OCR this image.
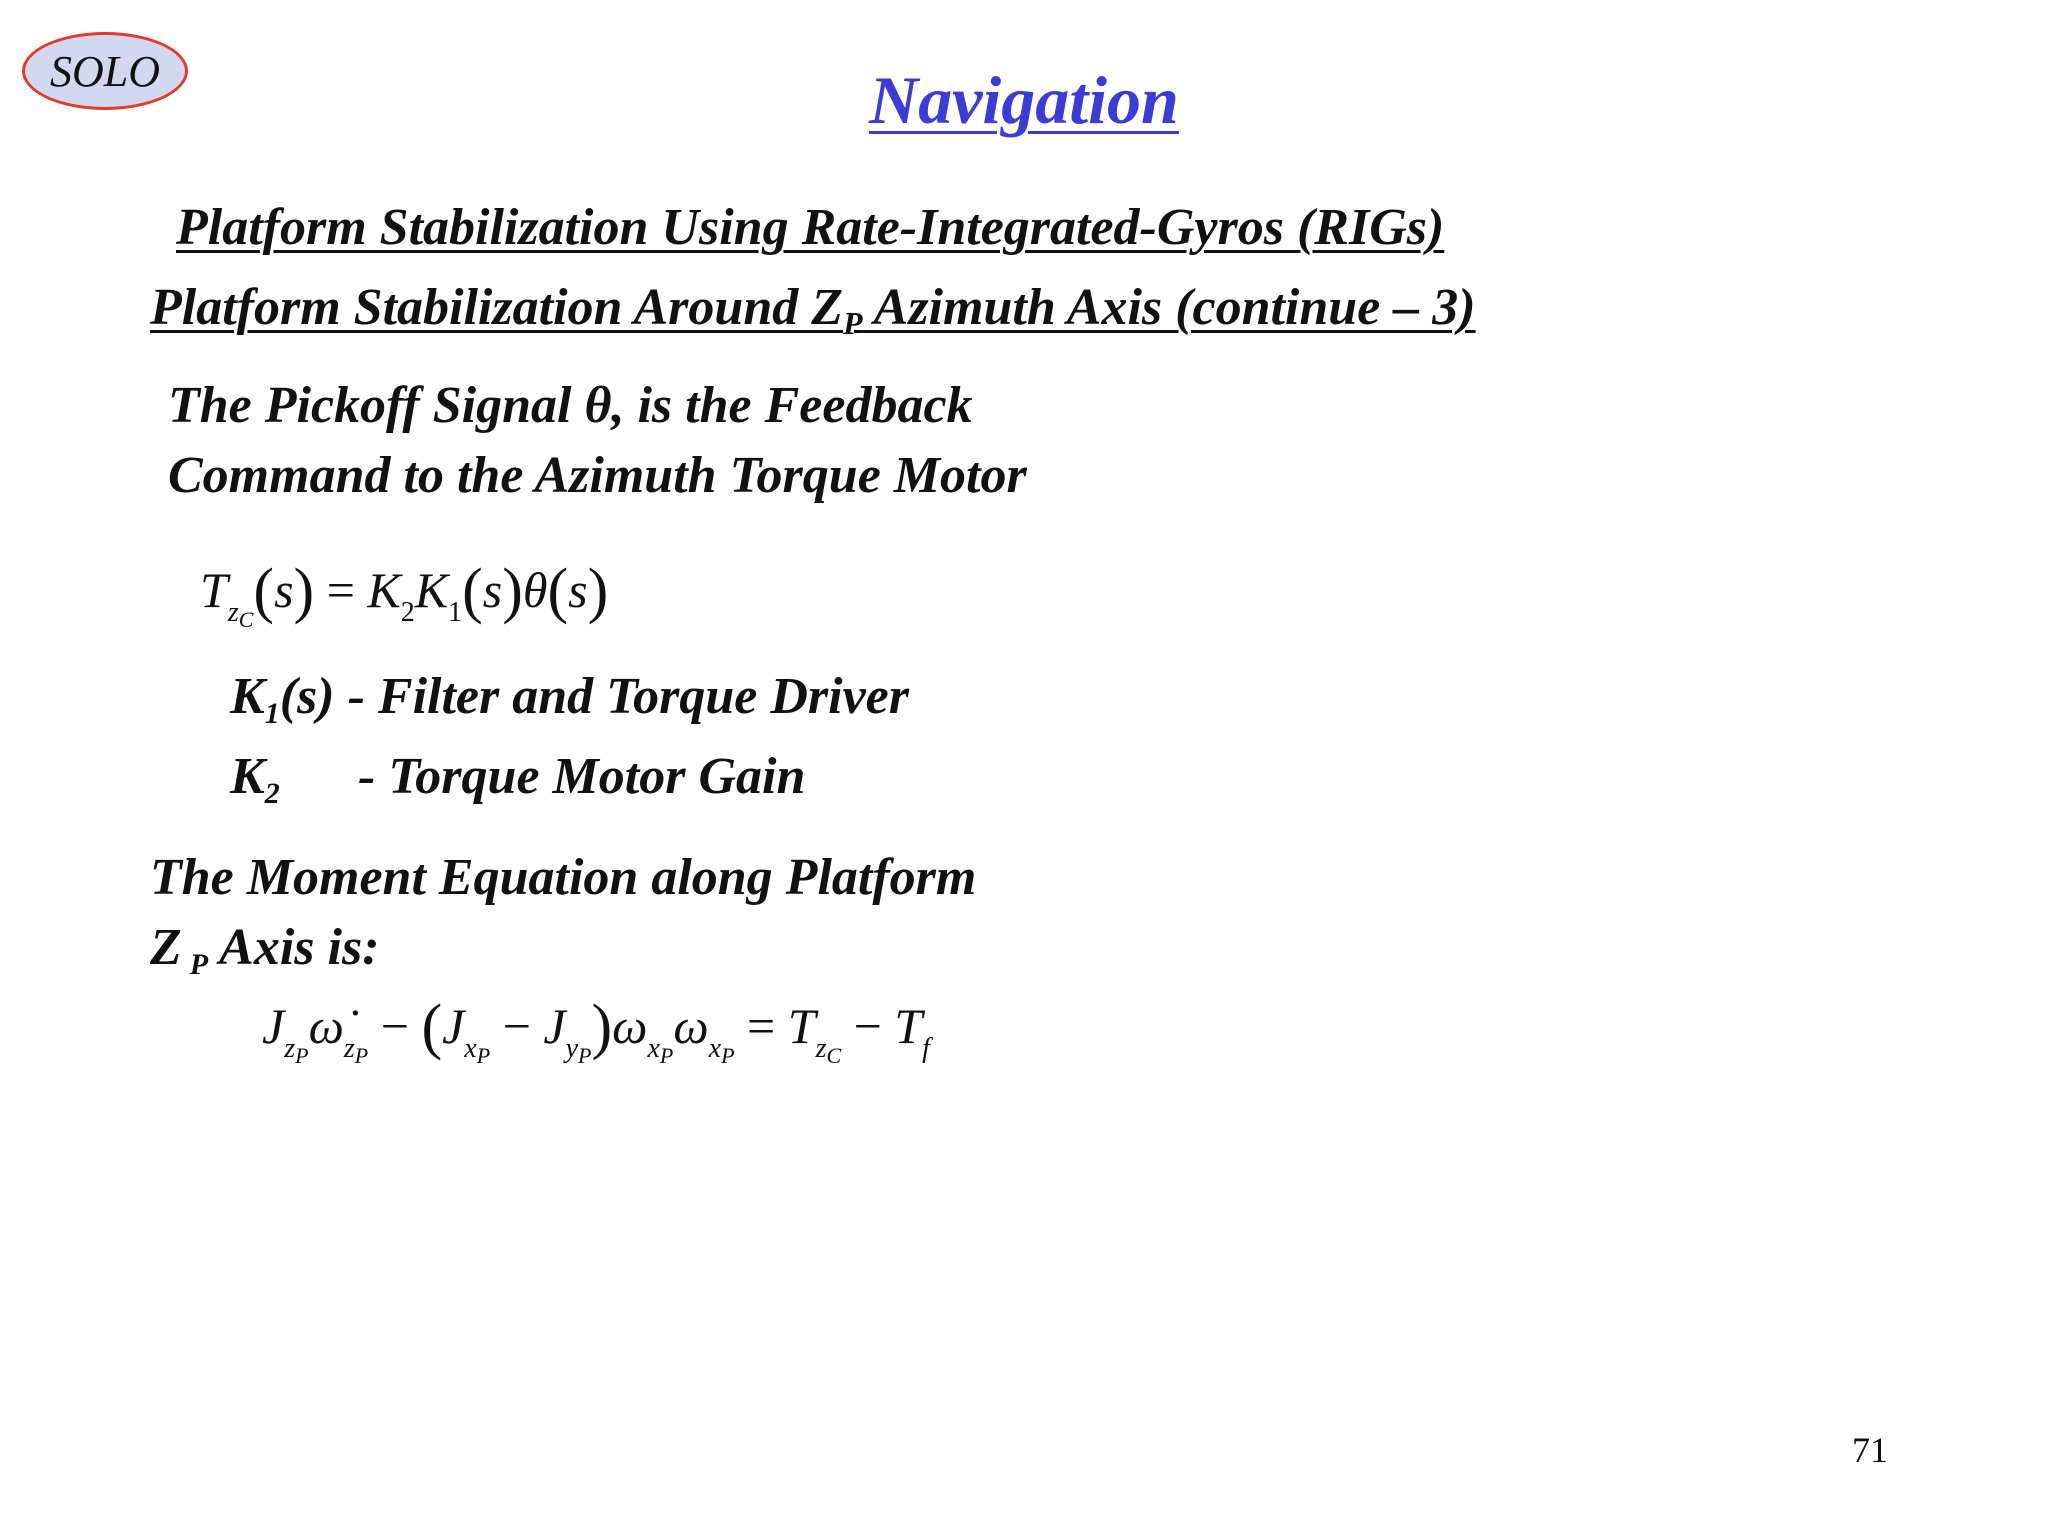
SOLO	Navigation
Platform Stabilization Using Rate-Integrated-Gyros (RIGs)
Platform Stabilization Around $Z_P$ Azimuth Axis (continue – 3)
The Pickoff Signal θ, is the Feedback
Command to the Azimuth Torque Motor
$T_{z_C}(s) = K_2K_1(s)\theta(s)$
$K_1(s)$ - Filter and Torque Driver
$K_2$ - Torque Motor Gain
The Moment Equation along Platform
Z $_P$ Axis is:
$J_{z_P}\omegȧ_{z_P} - (J_{x_P} - J_{y_P})\omega_{x_P}\omega_{x_P} = T_{z_C} - T_f$
71
